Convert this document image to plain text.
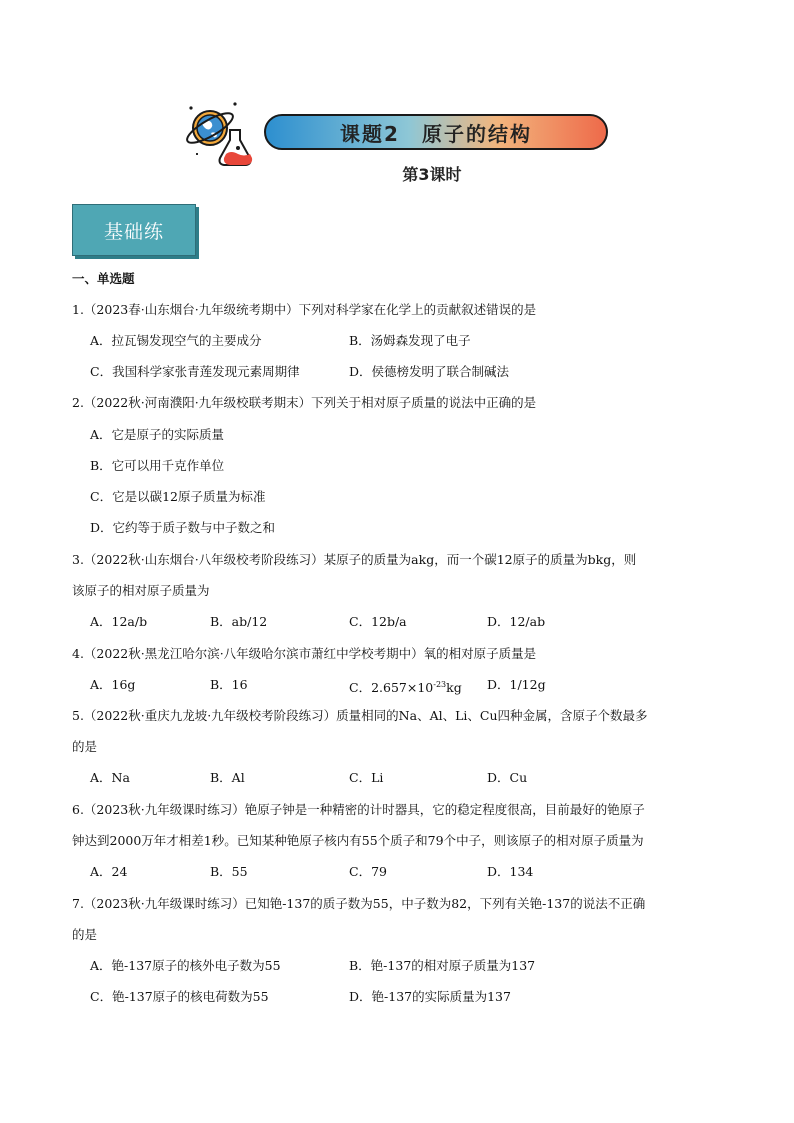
课题2　原子的结构
第3课时
基础练
一、单选题
1.（2023春·山东烟台·九年级统考期中）下列对科学家在化学上的贡献叙述错误的是
A．拉瓦锡发现空气的主要成分	B．汤姆森发现了电子
C．我国科学家张青莲发现元素周期律	D．侯德榜发明了联合制碱法
2.（2022秋·河南濮阳·九年级校联考期末）下列关于相对原子质量的说法中正确的是
A．它是原子的实际质量
B．它可以用千克作单位
C．它是以碳12原子质量为标准
D．它约等于质子数与中子数之和
3.（2022秋·山东烟台·八年级校考阶段练习）某原子的质量为akg，而一个碳12原子的质量为bkg，则
该原子的相对原子质量为
A．12a/b	B．ab/12	C．12b/a	D．12/ab
4.（2022秋·黑龙江哈尔滨·八年级哈尔滨市萧红中学校考期中）氧的相对原子质量是
A．16g	B．16	C．$2.657\times 10^{-23}kg$ D．1/12g
5.（2022秋·重庆九龙坡·九年级校考阶段练习）质量相同的Na、Al、Li、Cu四种金属，含原子个数最多
的是
A．Na	B．Al	C．Li	D．Cu
6.（2023秋·九年级课时练习）铯原子钟是一种精密的计时器具，它的稳定程度很高，目前最好的铯原子
钟达到2000万年才相差1秒。已知某种铯原子核内有55个质子和79个中子，则该原子的相对原子质量为
A．24	B．55	C．79	D．134
7.（2023秋·九年级课时练习）已知铯-137的质子数为55，中子数为82，下列有关铯-137的说法不正确
的是
A．铯-137原子的核外电子数为55	B．铯-137的相对原子质量为137
C．铯-137原子的核电荷数为55	D．铯-137的实际质量为137
